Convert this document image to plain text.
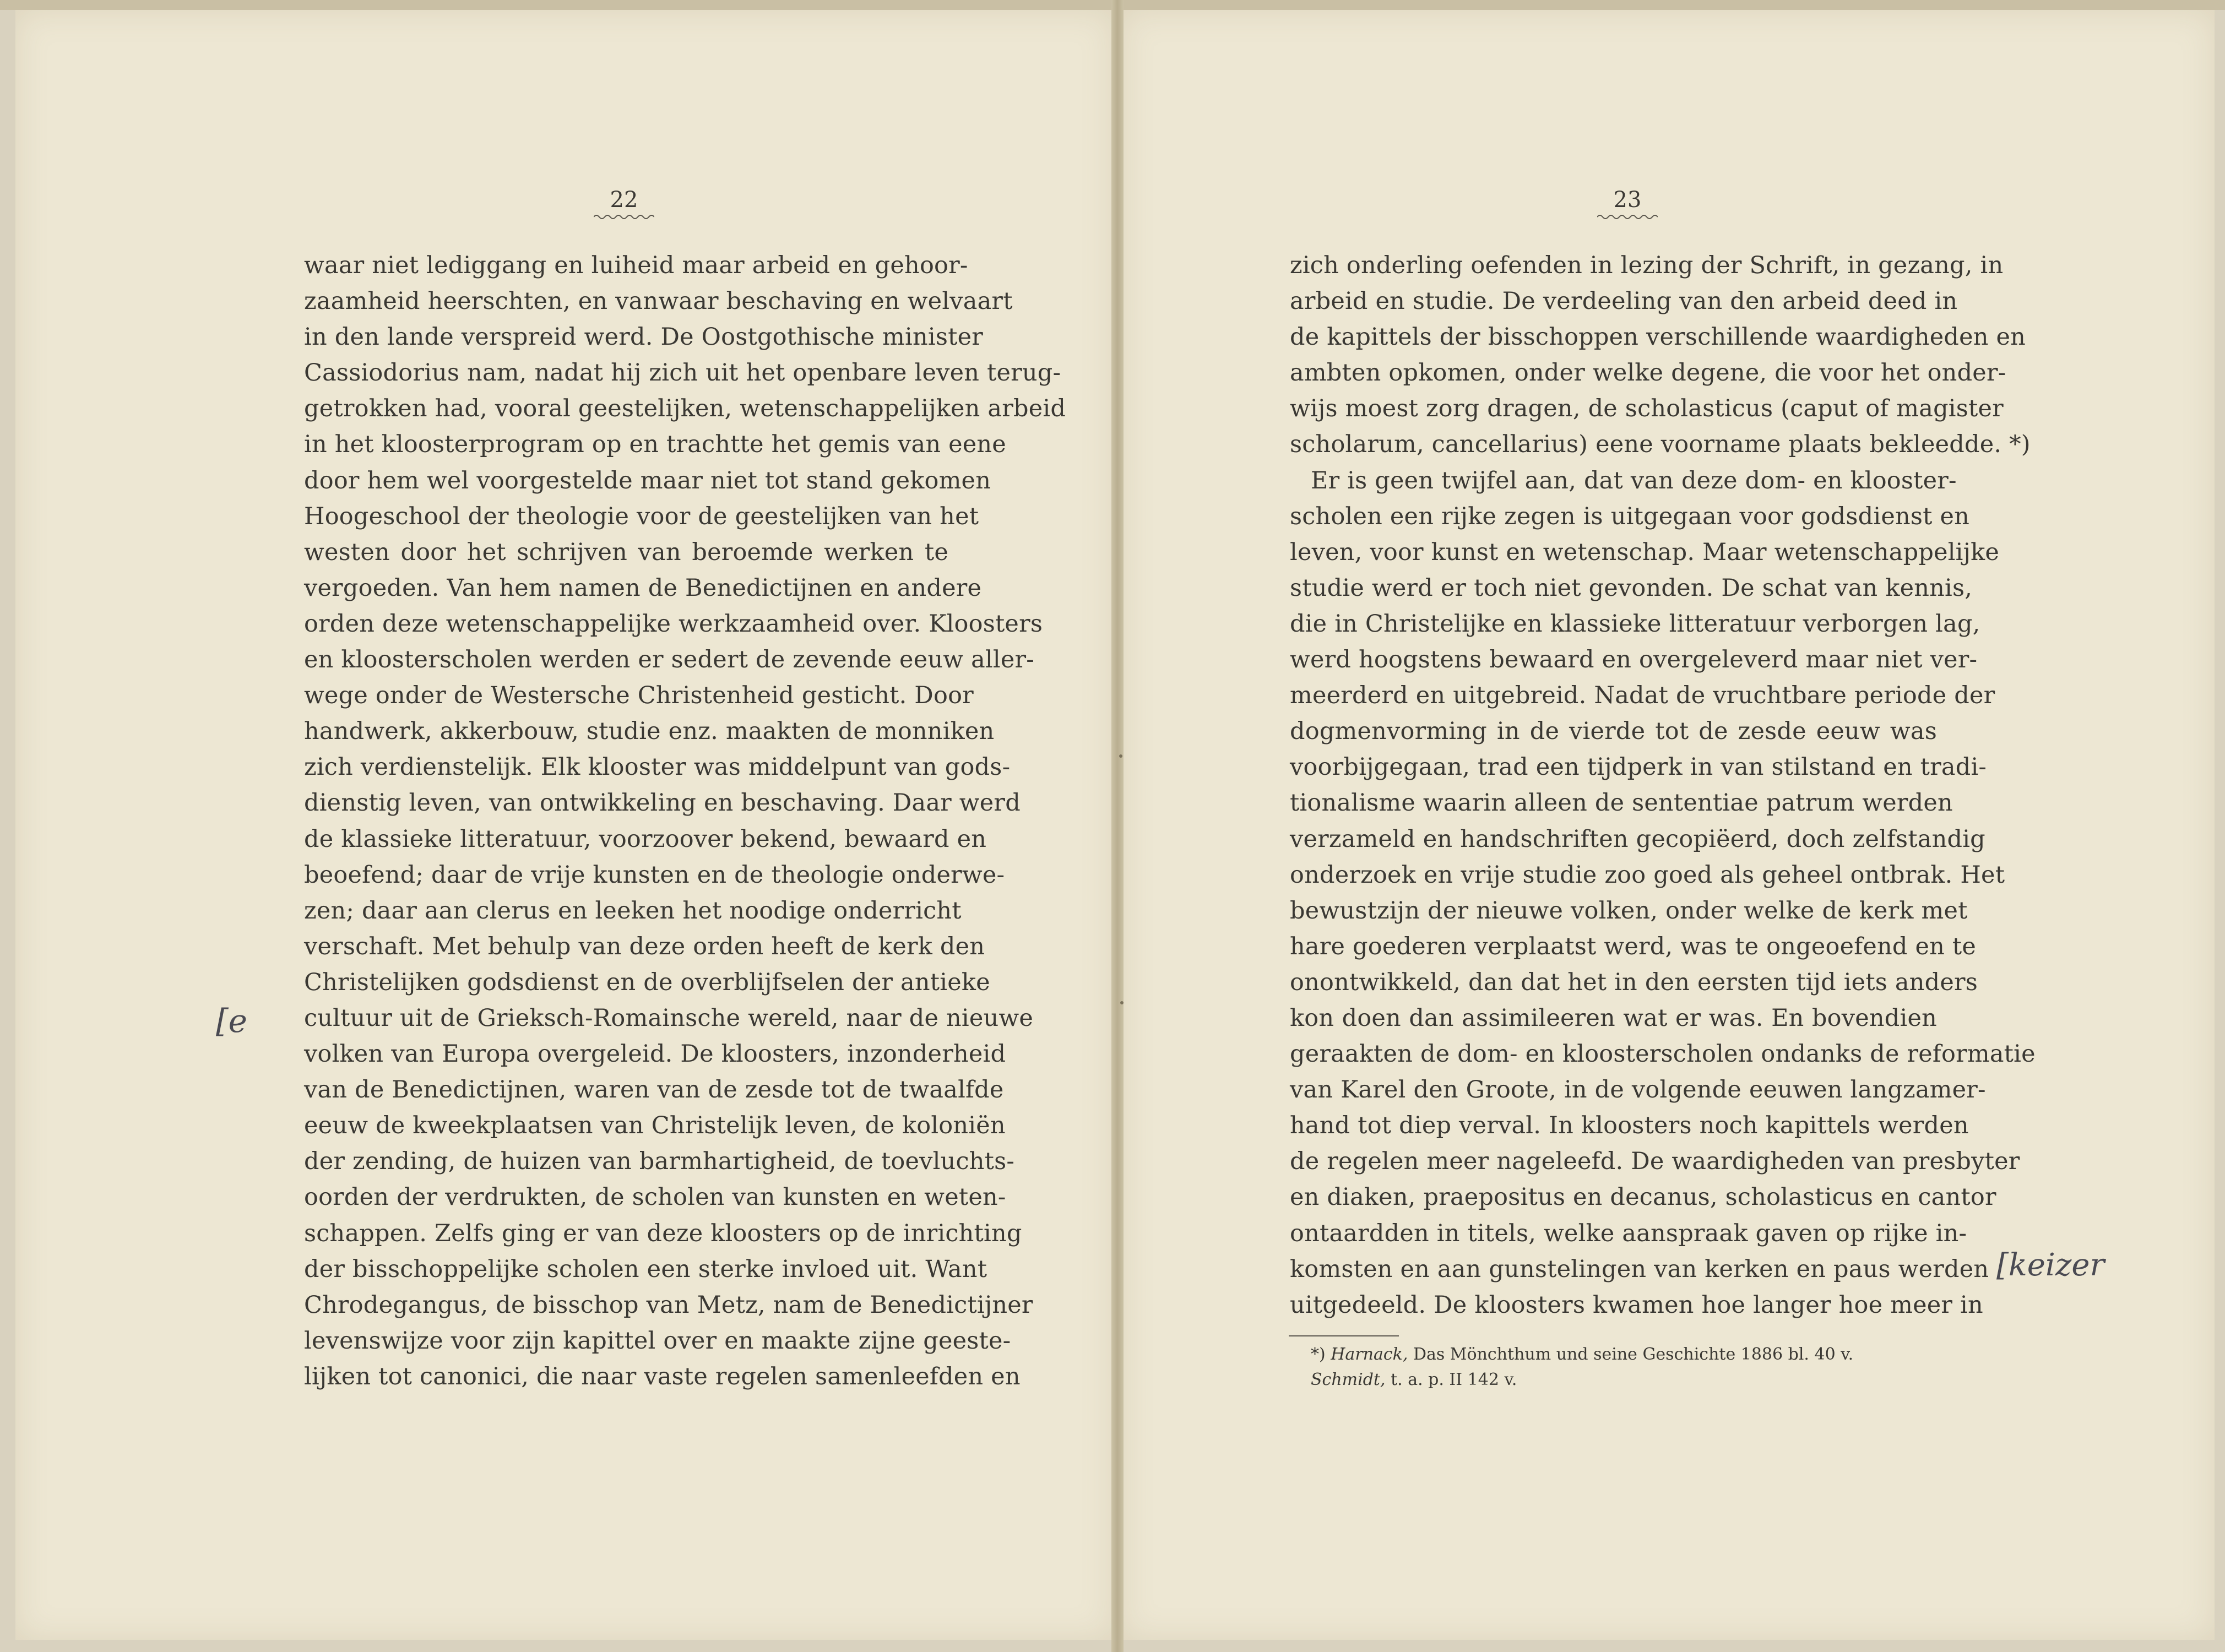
22	23
waar niet lediggang en luiheid maar arbeid en gehoor-
zaamheid heerschten, en vanwaar beschaving en welvaart
in den lande verspreid werd. De Oostgothische minister
Cassiodorius nam, nadat hij zich uit het openbare leven terug-
getrokken had, vooral geestelijken, wetenschappelijken arbeid
in het kloosterprogram op en trachtte het gemis van eene
door hem wel voorgestelde maar niet tot stand gekomen
Hoogeschool der theologie voor de geestelijken van het
westen door het schrijven van beroemde werken te
vergoeden. Van hem namen de Benedictijnen en andere
orden deze wetenschappelijke werkzaamheid over. Kloosters
en kloosterscholen werden er sedert de zevende eeuw aller-
wege onder de Westersche Christenheid gesticht. Door
handwerk, akkerbouw, studie enz. maakten de monniken
zich verdienstelijk. Elk klooster was middelpunt van gods-
dienstig leven, van ontwikkeling en beschaving. Daar werd
de klassieke litteratuur, voorzoover bekend, bewaard en
beoefend; daar de vrije kunsten en de theologie onderwe-
zen; daar aan clerus en leeken het noodige onderricht
verschaft. Met behulp van deze orden heeft de kerk den
Christelijken godsdienst en de overblijfselen der antieke
cultuur uit de Grieksch-Romainsche wereld, naar de nieuwe
volken van Europa overgeleid. De kloosters, inzonderheid
van de Benedictijnen, waren van de zesde tot de twaalfde
eeuw de kweekplaatsen van Christelijk leven, de koloniën
der zending, de huizen van barmhartigheid, de toevluchts-
oorden der verdrukten, de scholen van kunsten en weten-
schappen. Zelfs ging er van deze kloosters op de inrichting
der bisschoppelijke scholen een sterke invloed uit. Want
Chrodegangus, de bisschop van Metz, nam de Benedictijner
levenswijze voor zijn kapittel over en maakte zijne geeste-
lijken tot canonici, die naar vaste regelen samenleefden en
zich onderling oefenden in lezing der Schrift, in gezang, in
arbeid en studie. De verdeeling van den arbeid deed in
de kapittels der bisschoppen verschillende waardigheden en
ambten opkomen, onder welke degene, die voor het onder-
wijs moest zorg dragen, de scholasticus (caput of magister
scholarum, cancellarius) eene voorname plaats bekleedde. *)
Er is geen twijfel aan, dat van deze dom- en klooster-
scholen een rijke zegen is uitgegaan voor godsdienst en
leven, voor kunst en wetenschap. Maar wetenschappelijke
studie werd er toch niet gevonden. De schat van kennis,
die in Christelijke en klassieke litteratuur verborgen lag,
werd hoogstens bewaard en overgeleverd maar niet ver-
meerderd en uitgebreid. Nadat de vruchtbare periode der
dogmenvorming in de vierde tot de zesde eeuw was
voorbijgegaan, trad een tijdperk in van stilstand en tradi-
tionalisme waarin alleen de sententiae patrum werden
verzameld en handschriften gecopiëerd, doch zelfstandig
onderzoek en vrije studie zoo goed als geheel ontbrak. Het
bewustzijn der nieuwe volken, onder welke de kerk met
hare goederen verplaatst werd, was te ongeoefend en te
onontwikkeld, dan dat het in den eersten tijd iets anders
kon doen dan assimileeren wat er was. En bovendien
geraakten de dom- en kloosterscholen ondanks de reformatie
van Karel den Groote, in de volgende eeuwen langzamer-
hand tot diep verval. In kloosters noch kapittels werden
de regelen meer nageleefd. De waardigheden van presbyter
en diaken, praepositus en decanus, scholasticus en cantor
ontaardden in titels, welke aanspraak gaven op rijke in-
komsten en aan gunstelingen van kerken en paus werden
uitgedeeld. De kloosters kwamen hoe langer hoe meer in
*) Harnack, Das Mönchthum und seine Geschichte 1886 bl. 40 v.
Schmidt, t. a. p. II 142 v.
[e
[keizer
